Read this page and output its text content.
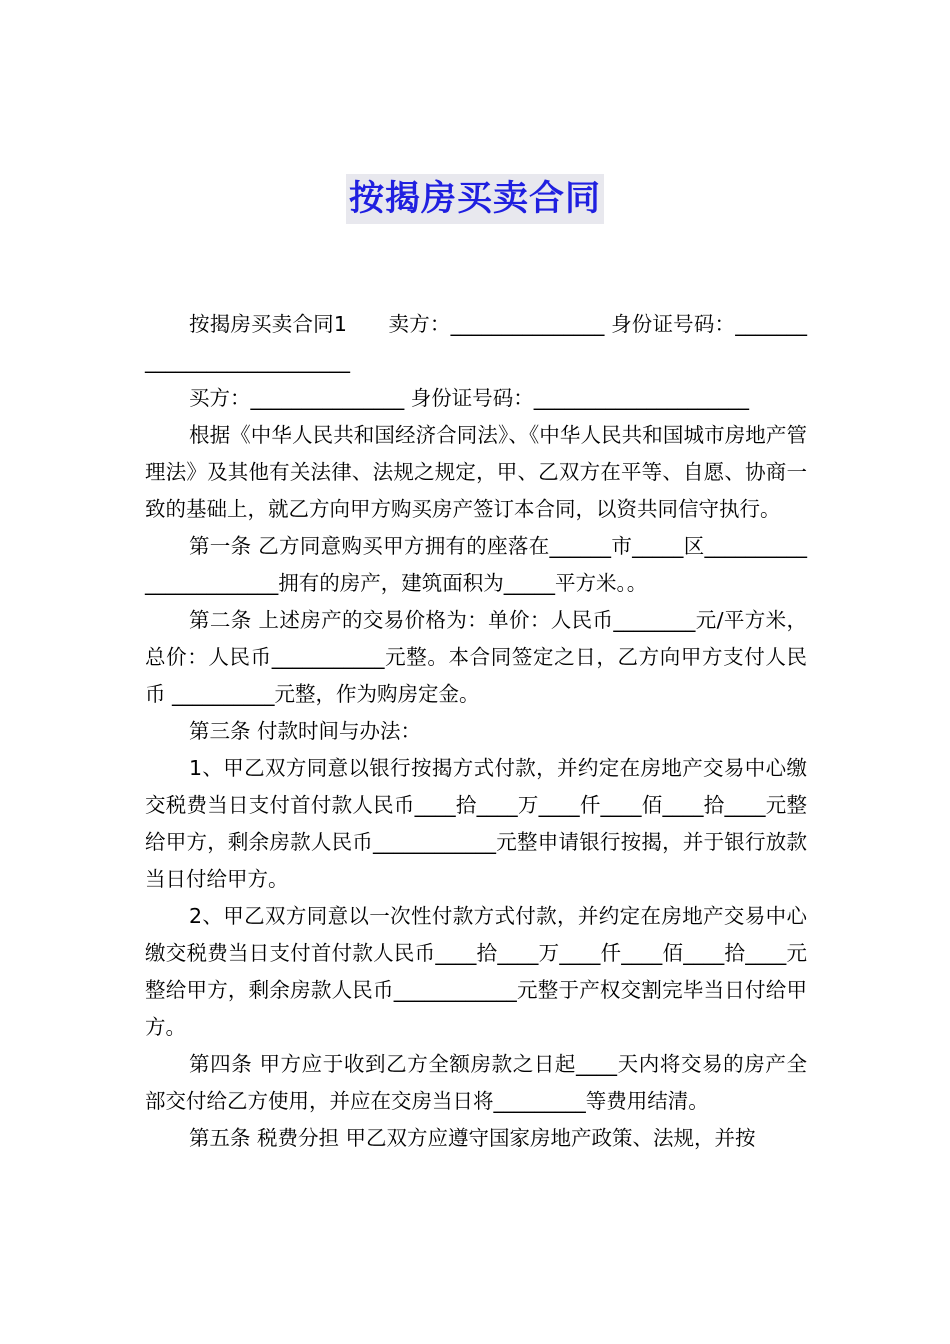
按揭房买卖合同

按揭房买卖合同1　　卖方：_______________ 身份证号码：___________________________

买方：_______________ 身份证号码：_____________________

根据《中华人民共和国经济合同法》、《中华人民共和国城市房地产管理法》及其他有关法律、法规之规定，甲、乙双方在平等、自愿、协商一致的基础上，就乙方向甲方购买房产签订本合同，以资共同信守执行。

第一条 乙方同意购买甲方拥有的座落在______市_____区_______________________拥有的房产，建筑面积为_____平方米。。

第二条 上述房产的交易价格为：单价：人民币________元/平方米，总价：人民币___________元整。本合同签定之日，乙方向甲方支付人民币 __________元整，作为购房定金。

第三条 付款时间与办法：

1、甲乙双方同意以银行按揭方式付款，并约定在房地产交易中心缴交税费当日支付首付款人民币____拾____万____仟____佰____拾____元整给甲方，剩余房款人民币____________元整申请银行按揭，并于银行放款当日付给甲方。

2、甲乙双方同意以一次性付款方式付款，并约定在房地产交易中心缴交税费当日支付首付款人民币____拾____万____仟____佰____拾____元整给甲方，剩余房款人民币____________元整于产权交割完毕当日付给甲方。

第四条 甲方应于收到乙方全额房款之日起____天内将交易的房产全部交付给乙方使用，并应在交房当日将_________等费用结清。

第五条 税费分担 甲乙双方应遵守国家房地产政策、法规，并按
